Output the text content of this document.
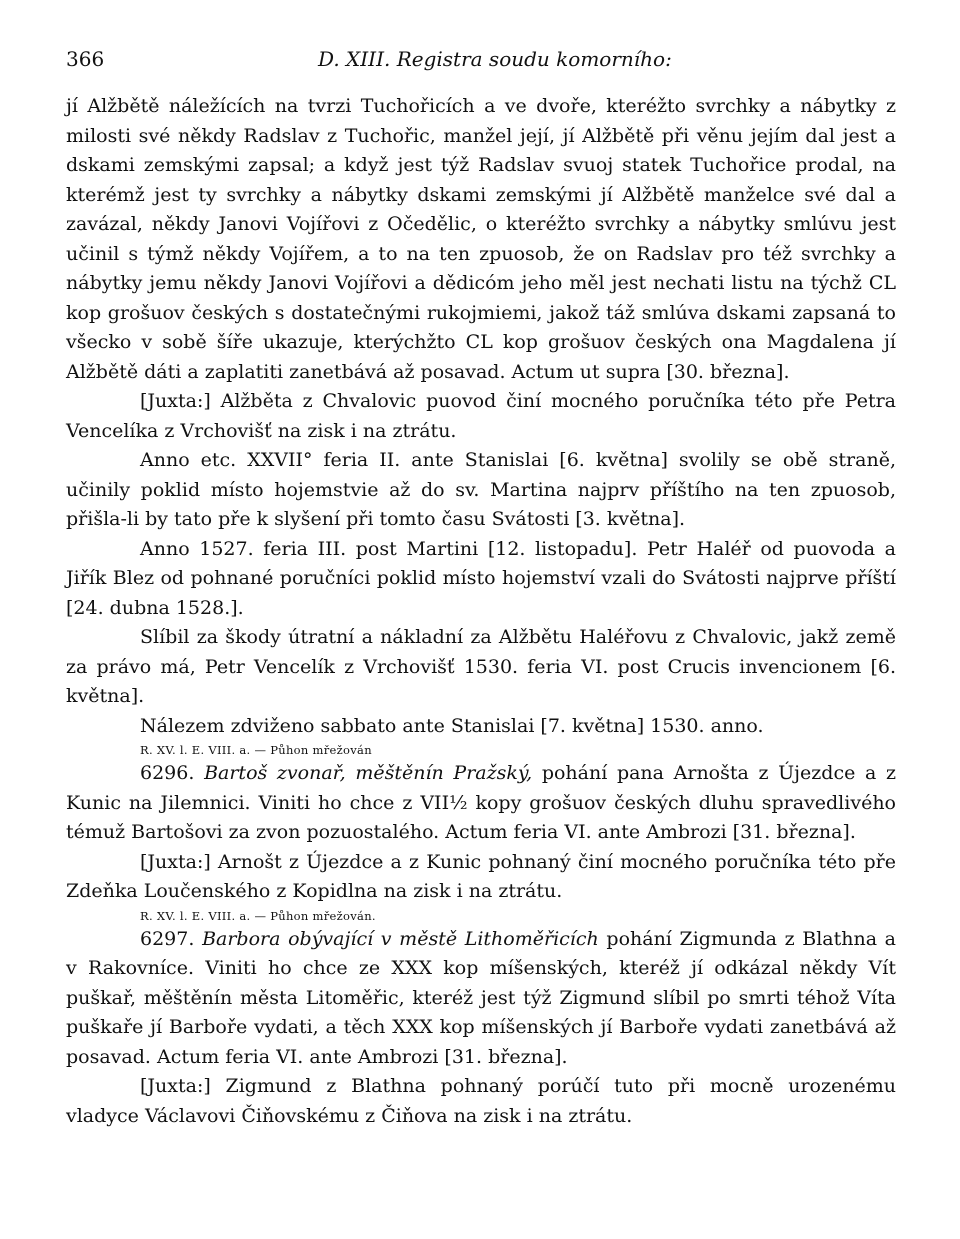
366	D. XIII. Registra soudu komorního:

jí Alžbětě náležících na tvrzi Tuchořicích a ve dvoře, kteréžto svrchky a nábytky z milosti své někdy Radslav z Tuchořic, manžel její, jí Alžbětě při věnu jejím dal jest a dskami zemskými zapsal; a když jest týž Radslav svuoj statek Tuchořice prodal, na kterémž jest ty svrchky a nábytky dskami zemskými jí Alžbětě manželce své dal a zavázal, někdy Janovi Vojířovi z Očedělic, o kteréžto svrchky a nábytky smlúvu jest učinil s týmž někdy Vojířem, a to na ten zpuosob, že on Radslav pro též svrchky a nábytky jemu někdy Janovi Vojířovi a dědicóm jeho měl jest nechati listu na týchž CL kop grošuov českých s dostatečnými rukojmiemi, jakož táž smlúva dskami zapsaná to všecko v sobě šíře ukazuje, kterýchžto CL kop grošuov českých ona Magdalena jí Alžbětě dáti a zaplatiti zanetbává až posavad. Actum ut supra [30. března].

[Juxta:] Alžběta z Chvalovic puovod činí mocného poručníka této pře Petra Vencelíka z Vrchovišť na zisk i na ztrátu.

Anno etc. XXVII° feria II. ante Stanislai [6. května] svolily se obě straně, učinily poklid místo hojemstvie až do sv. Martina najprv příštího na ten zpuosob, přišla-li by tato pře k slyšení při tomto času Svátosti [3. května].

Anno 1527. feria III. post Martini [12. listopadu]. Petr Haléř od puovoda a Jiřík Blez od pohnané poručníci poklid místo hojemství vzali do Svátosti najprve příští [24. dubna 1528.].

Slíbil za škody útratní a nákladní za Alžbětu Haléřovu z Chvalovic, jakž země za právo má, Petr Vencelík z Vrchovišť 1530. feria VI. post Crucis invencionem [6. května].

Nálezem zdviženo sabbato ante Stanislai [7. května] 1530. anno.

R. XV. l. E. VIII. a. — Půhon mřežován

6296. Bartoš zvonař, měštěnín Pražský, pohání pana Arnošta z Újezdce a z Kunic na Jilemnici. Viniti ho chce z VII½ kopy grošuov českých dluhu spravedlivého témuž Bartošovi za zvon pozuostalého. Actum feria VI. ante Ambrozi [31. března].

[Juxta:] Arnošt z Újezdce a z Kunic pohnaný činí mocného poručníka této pře Zdeňka Loučenského z Kopidlna na zisk i na ztrátu.

R. XV. l. E. VIII. a. — Půhon mřežován.

6297. Barbora obývající v městě Lithoměřicích pohání Zigmunda z Blathna a v Rakovníce. Viniti ho chce ze XXX kop míšenských, kteréž jí odkázal někdy Vít puškař, měštěnín města Litoměřic, kteréž jest týž Zigmund slíbil po smrti téhož Víta puškaře jí Barboře vydati, a těch XXX kop míšenských jí Barboře vydati zanetbává až posavad. Actum feria VI. ante Ambrozi [31. března].

[Juxta:] Zigmund z Blathna pohnaný porúčí tuto při mocně urozenému vladyce Václavovi Čiňovskému z Čiňova na zisk i na ztrátu.
